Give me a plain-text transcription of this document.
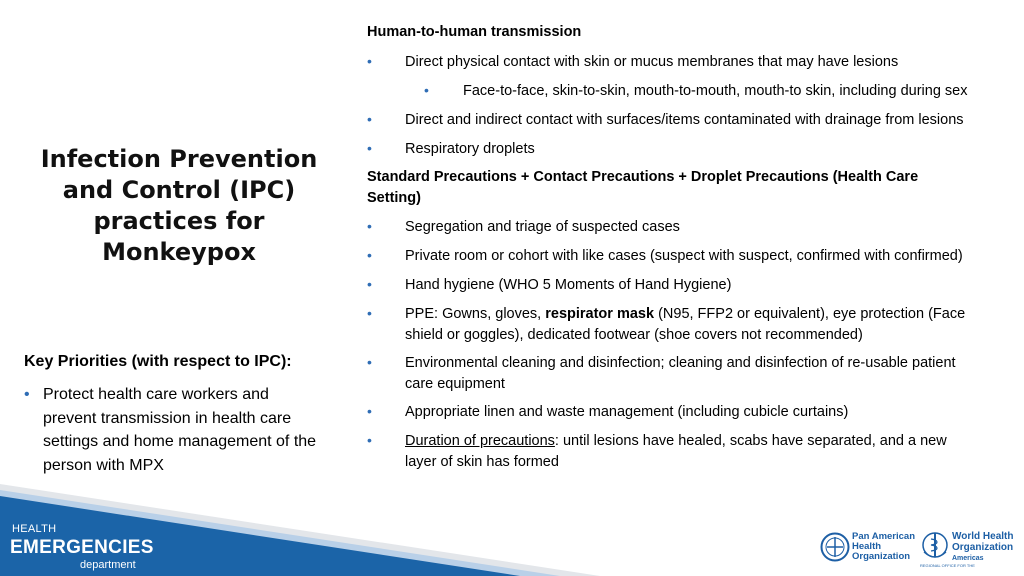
Infection Prevention and Control (IPC) practices for Monkeypox
Key Priorities (with respect to IPC):
• Protect health care workers and prevent transmission in health care settings and home management of the person with MPX
Human-to-human transmission
• Direct physical contact with skin or mucus membranes that may have lesions
• Face-to-face, skin-to-skin, mouth-to-mouth, mouth-to skin, including during sex
• Direct and indirect contact with surfaces/items contaminated with drainage from lesions
• Respiratory droplets
Standard Precautions + Contact Precautions + Droplet Precautions (Health Care Setting)
• Segregation and triage of suspected cases
• Private room or cohort with like cases (suspect with suspect, confirmed with confirmed)
• Hand hygiene (WHO 5 Moments of Hand Hygiene)
• PPE: Gowns, gloves, respirator mask (N95, FFP2 or equivalent), eye protection (Face shield or goggles), dedicated footwear (shoe covers not recommended)
• Environmental cleaning and disinfection; cleaning and disinfection of re-usable patient care equipment
• Appropriate linen and waste management (including cubicle curtains)
• Duration of precautions: until lesions have healed, scabs have separated, and a new layer of skin has formed
HEALTH
EMERGENCIES
department
Pan American
Health
Organization
World Health
Organization
Americas
REGIONAL OFFICE FOR THE
